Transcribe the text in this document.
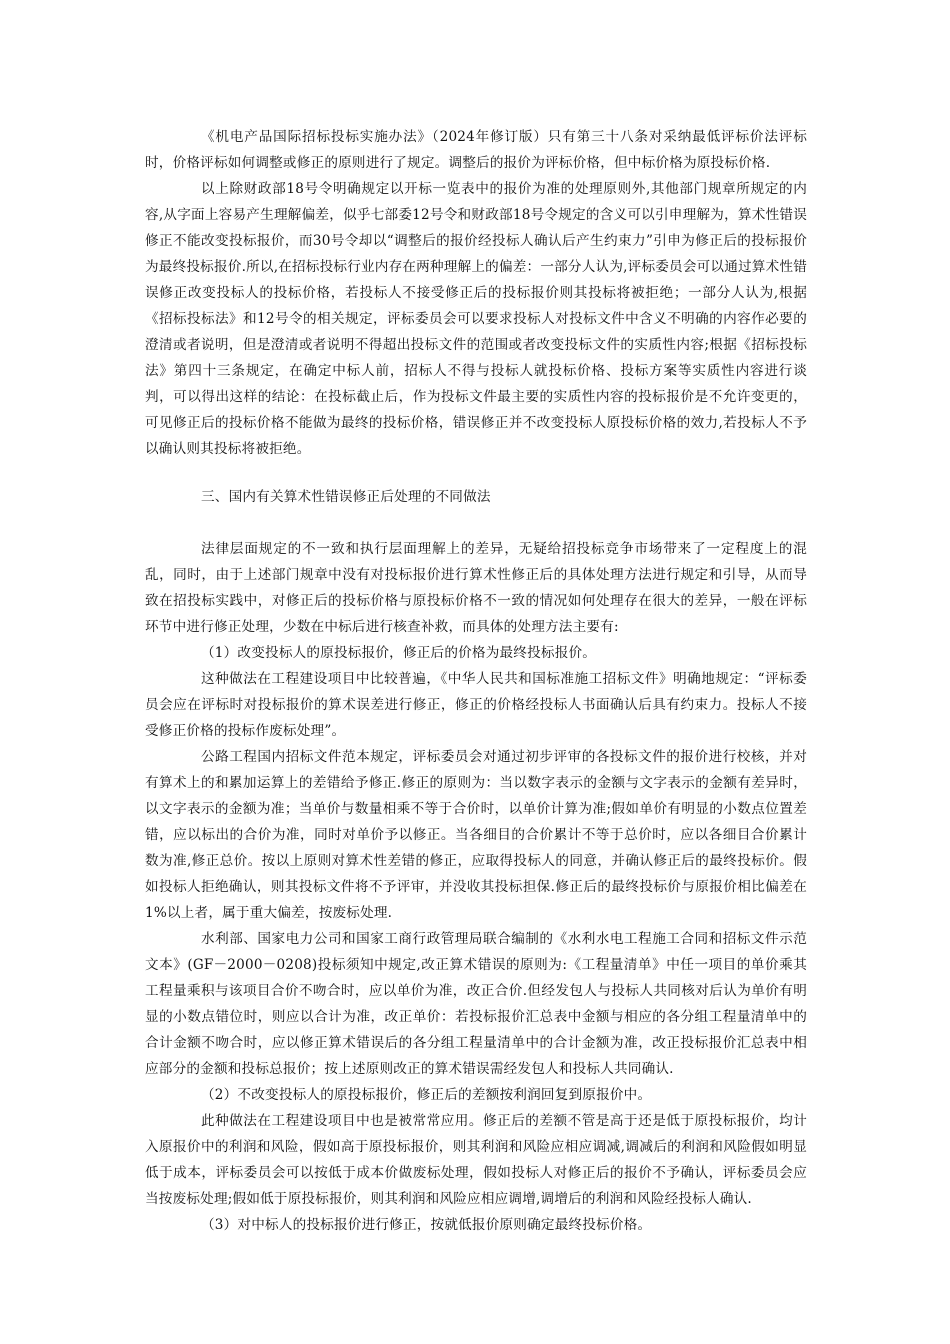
《机电产品国际招标投标实施办法》（2024年修订版）只有第三十八条对采纳最低评标价法评标时，价格评标如何调整或修正的原则进行了规定。调整后的报价为评标价格，但中标价格为原投标价格.

以上除财政部18号令明确规定以开标一览表中的报价为准的处理原则外,其他部门规章所规定的内容,从字面上容易产生理解偏差，似乎七部委12号令和财政部18号令规定的含义可以引申理解为，算术性错误修正不能改变投标报价，而30号令却以“调整后的报价经投标人确认后产生约束力”引申为修正后的投标报价为最终投标报价.所以,在招标投标行业内存在两种理解上的偏差：一部分人认为,评标委员会可以通过算术性错误修正改变投标人的投标价格，若投标人不接受修正后的投标报价则其投标将被拒绝；一部分人认为,根据《招标投标法》和12号令的相关规定，评标委员会可以要求投标人对投标文件中含义不明确的内容作必要的澄清或者说明，但是澄清或者说明不得超出投标文件的范围或者改变投标文件的实质性内容;根据《招标投标法》第四十三条规定，在确定中标人前，招标人不得与投标人就投标价格、投标方案等实质性内容进行谈判，可以得出这样的结论：在投标截止后，作为投标文件最主要的实质性内容的投标报价是不允许变更的，可见修正后的投标价格不能做为最终的投标价格，错误修正并不改变投标人原投标价格的效力,若投标人不予以确认则其投标将被拒绝。

三、国内有关算术性错误修正后处理的不同做法

法律层面规定的不一致和执行层面理解上的差异，无疑给招投标竞争市场带来了一定程度上的混乱，同时，由于上述部门规章中没有对投标报价进行算术性修正后的具体处理方法进行规定和引导，从而导致在招投标实践中，对修正后的投标价格与原投标价格不一致的情况如何处理存在很大的差异，一般在评标环节中进行修正处理，少数在中标后进行核查补救，而具体的处理方法主要有:

（1）改变投标人的原投标报价，修正后的价格为最终投标报价。

这种做法在工程建设项目中比较普遍，《中华人民共和国标准施工招标文件》明确地规定：“评标委员会应在评标时对投标报价的算术误差进行修正，修正的价格经投标人书面确认后具有约束力。投标人不接受修正价格的投标作废标处理”。

公路工程国内招标文件范本规定，评标委员会对通过初步评审的各投标文件的报价进行校核，并对有算术上的和累加运算上的差错给予修正.修正的原则为：当以数字表示的金额与文字表示的金额有差异时，以文字表示的金额为准；当单价与数量相乘不等于合价时，以单价计算为准;假如单价有明显的小数点位置差错，应以标出的合价为准，同时对单价予以修正。当各细目的合价累计不等于总价时，应以各细目合价累计数为准,修正总价。按以上原则对算术性差错的修正，应取得投标人的同意，并确认修正后的最终投标价。假如投标人拒绝确认，则其投标文件将不予评审，并没收其投标担保.修正后的最终投标价与原报价相比偏差在1%以上者，属于重大偏差，按废标处理.

水利部、国家电力公司和国家工商行政管理局联合编制的《水利水电工程施工合同和招标文件示范文本》(GF－2000－0208)投标须知中规定,改正算术错误的原则为:《工程量清单》中任一项目的单价乘其工程量乘积与该项目合价不吻合时，应以单价为准，改正合价.但经发包人与投标人共同核对后认为单价有明显的小数点错位时，则应以合计为准，改正单价：若投标报价汇总表中金额与相应的各分组工程量清单中的合计金额不吻合时，应以修正算术错误后的各分组工程量清单中的合计金额为准，改正投标报价汇总表中相应部分的金额和投标总报价；按上述原则改正的算术错误需经发包人和投标人共同确认.

（2）不改变投标人的原投标报价，修正后的差额按利润回复到原报价中。

此种做法在工程建设项目中也是被常常应用。修正后的差额不管是高于还是低于原投标报价，均计入原报价中的利润和风险，假如高于原投标报价，则其利润和风险应相应调减,调减后的利润和风险假如明显低于成本，评标委员会可以按低于成本价做废标处理，假如投标人对修正后的报价不予确认，评标委员会应当按废标处理;假如低于原投标报价，则其利润和风险应相应调增,调增后的利润和风险经投标人确认.

（3）对中标人的投标报价进行修正，按就低报价原则确定最终投标价格。
